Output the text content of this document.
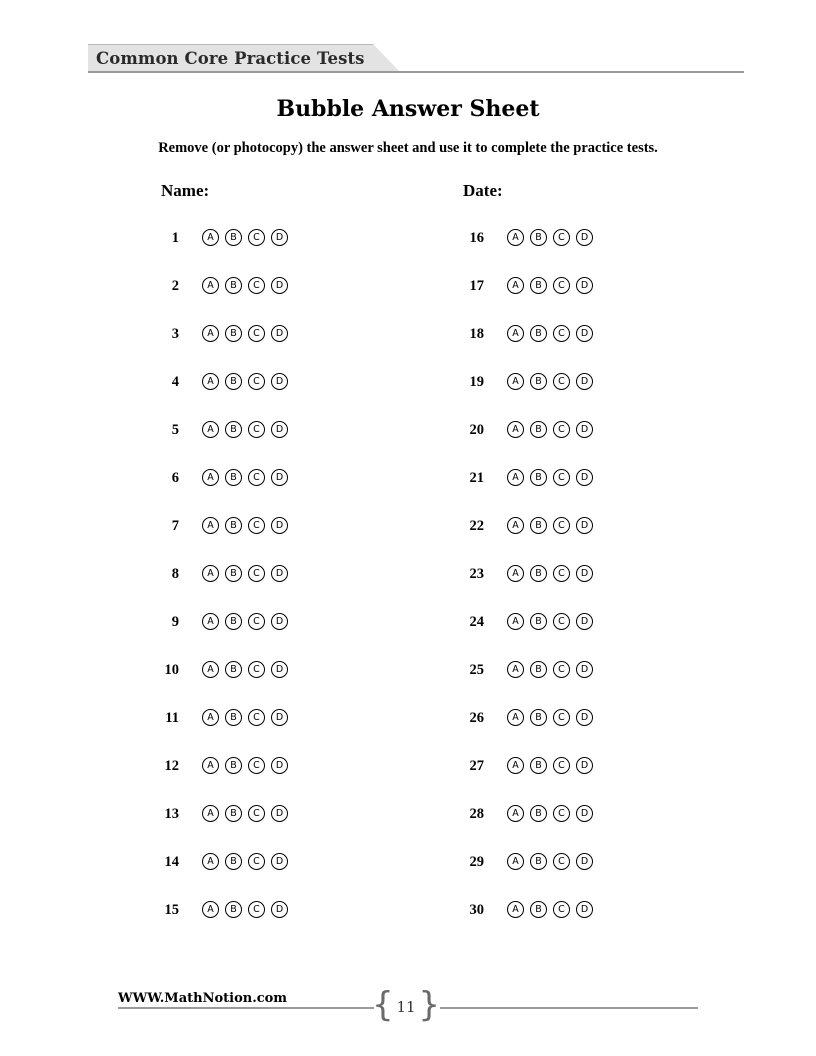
Common Core Practice Tests
Bubble Answer Sheet
Remove (or photocopy) the answer sheet and use it to complete the practice tests.
Name:	Date:
1	A	B	C	D
2	A	B	C	D
3	A	B	C	D
4	A	B	C	D
5	A	B	C	D
6	A	B	C	D
7	A	B	C	D
8	A	B	C	D
9	A	B	C	D
10	A	B	C	D
11	A	B	C	D
12	A	B	C	D
13	A	B	C	D
14	A	B	C	D
15	A	B	C	D
16	A	B	C	D
17	A	B	C	D
18	A	B	C	D
19	A	B	C	D
20	A	B	C	D
21	A	B	C	D
22	A	B	C	D
23	A	B	C	D
24	A	B	C	D
25	A	B	C	D
26	A	B	C	D
27	A	B	C	D
28	A	B	C	D
29	A	B	C	D
30	A	B	C	D
WWW.MathNotion.com { }
11
